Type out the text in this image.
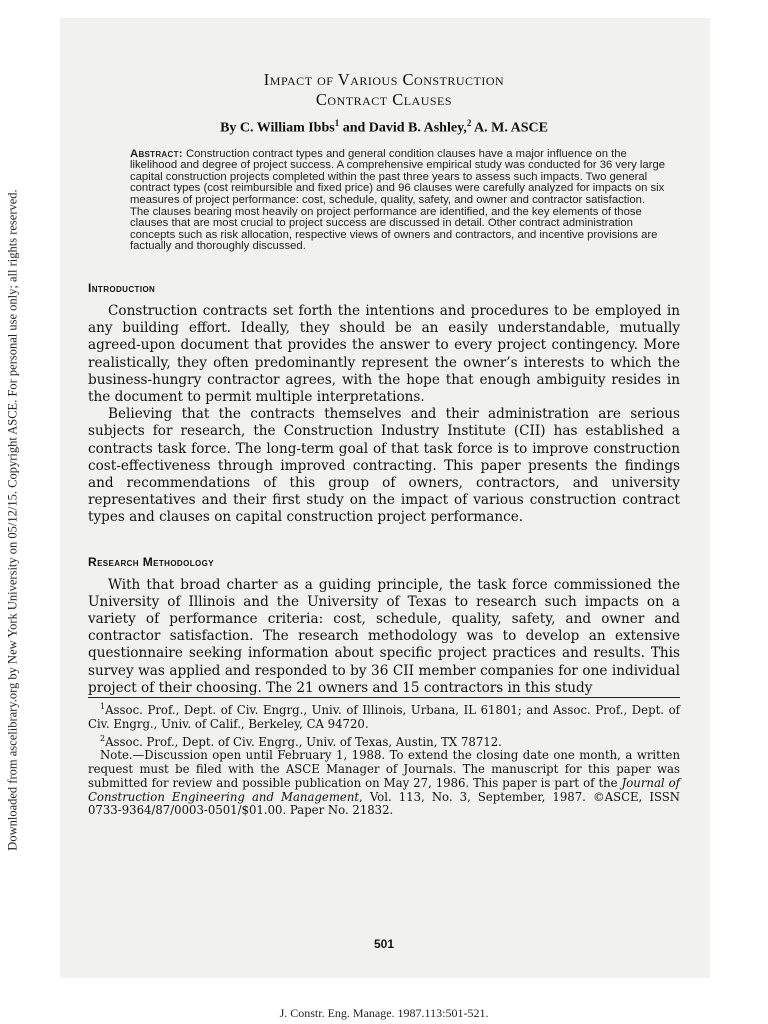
Downloaded from ascelibrary.org by New York University on 05/12/15. Copyright ASCE. For personal use only; all rights reserved.
Impact of Various Construction
Contract Clauses
By C. William Ibbs$^1$ and David B. Ashley,$^2$ A. M. ASCE
Abstract: Construction contract types and general condition clauses have a major influence on the likelihood and degree of project success. A comprehensive empirical study was conducted for 36 very large capital construction projects completed within the past three years to assess such impacts. Two general contract types (cost reimbursible and fixed price) and 96 clauses were carefully analyzed for impacts on six measures of project performance: cost, schedule, quality, safety, and owner and contractor satisfaction. The clauses bearing most heavily on project performance are identified, and the key elements of those clauses that are most crucial to project success are discussed in detail. Other contract administration concepts such as risk allocation, respective views of owners and contractors, and incentive provisions are factually and thoroughly discussed.
Introduction

Construction contracts set forth the intentions and procedures to be employed in any building effort. Ideally, they should be an easily understandable, mutually agreed-upon document that provides the answer to every project contingency. More realistically, they often predominantly represent the owner’s interests to which the business-hungry contractor agrees, with the hope that enough ambiguity resides in the document to permit multiple interpretations.

Believing that the contracts themselves and their administration are serious subjects for research, the Construction Industry Institute (CII) has established a contracts task force. The long-term goal of that task force is to improve construction cost-effectiveness through improved contracting. This paper presents the findings and recommendations of this group of owners, contractors, and university representatives and their first study on the impact of various construction contract types and clauses on capital construction project performance.

Research Methodology

With that broad charter as a guiding principle, the task force commissioned the University of Illinois and the University of Texas to research such impacts on a variety of performance criteria: cost, schedule, quality, safety, and owner and contractor satisfaction. The research methodology was to develop an extensive questionnaire seeking information about specific project practices and results. This survey was applied and responded to by 36 CII member companies for one individual project of their choosing. The 21 owners and 15 contractors in this study

$^1$Assoc. Prof., Dept. of Civ. Engrg., Univ. of Illinois, Urbana, IL 61801; and Assoc. Prof., Dept. of Civ. Engrg., Univ. of Calif., Berkeley, CA 94720.
$^2$Assoc. Prof., Dept. of Civ. Engrg., Univ. of Texas, Austin, TX 78712.
Note.—Discussion open until February 1, 1988. To extend the closing date one month, a written request must be filed with the ASCE Manager of Journals. The manuscript for this paper was submitted for review and possible publication on May 27, 1986. This paper is part of the Journal of Construction Engineering and Management, Vol. 113, No. 3, September, 1987. ©ASCE, ISSN 0733-9364/87/0003-0501/$01.00. Paper No. 21832.
501
J. Constr. Eng. Manage. 1987.113:501-521.
